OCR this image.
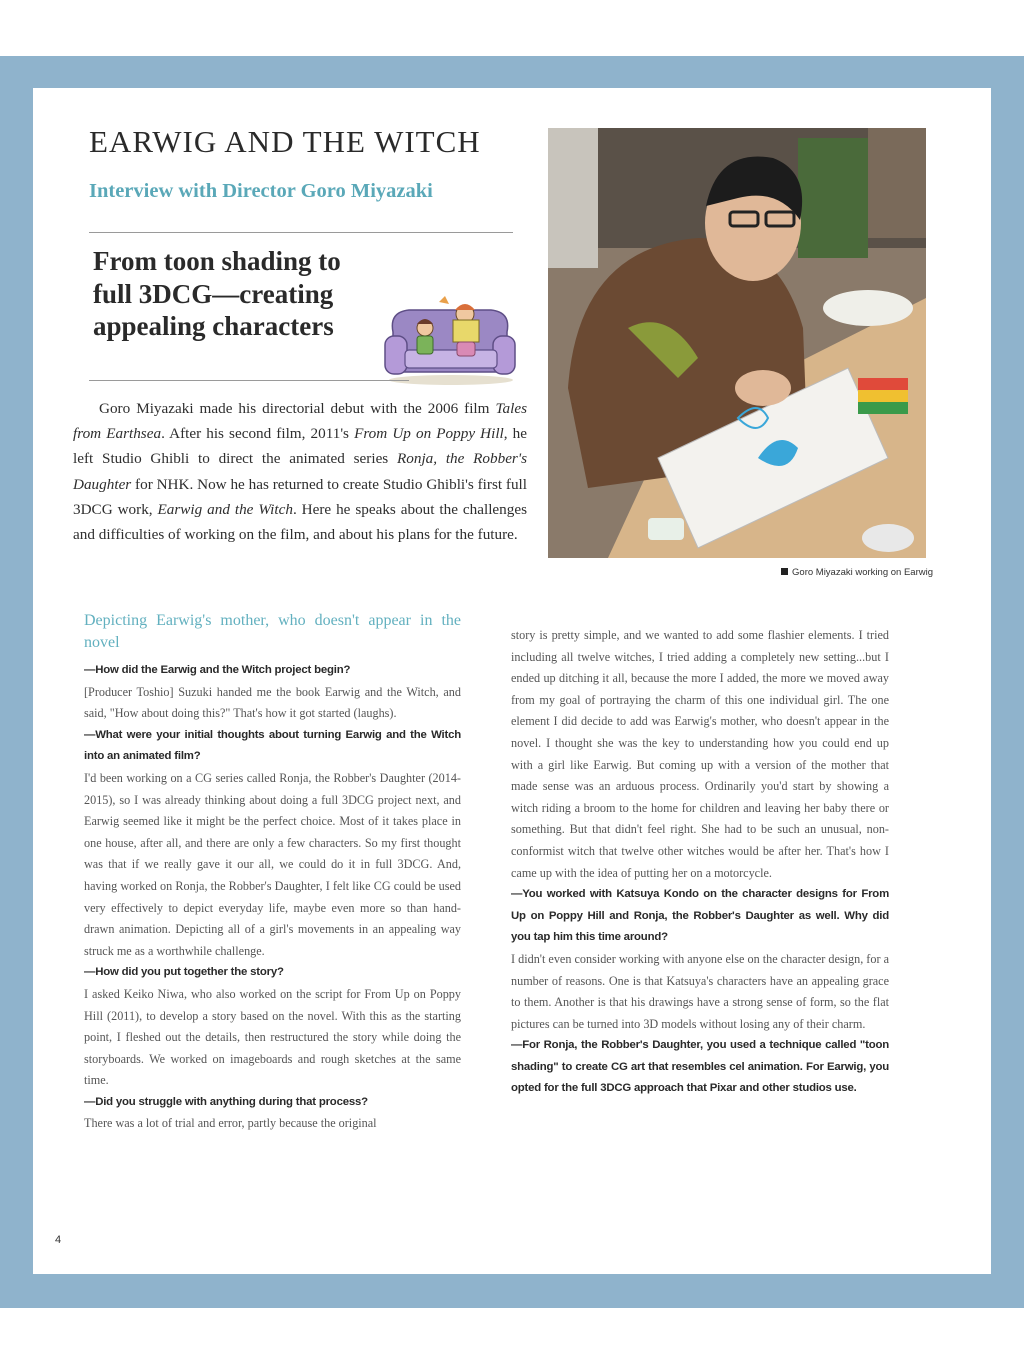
EARWIG AND THE WITCH
Interview with Director Goro Miyazaki
From toon shading to full 3DCG—creating appealing characters
Goro Miyazaki made his directorial debut with the 2006 film Tales from Earthsea. After his second film, 2011's From Up on Poppy Hill, he left Studio Ghibli to direct the animated series Ronja, the Robber's Daughter for NHK. Now he has returned to create Studio Ghibli's first full 3DCG work, Earwig and the Witch. Here he speaks about the challenges and difficulties of working on the film, and about his plans for the future.
Goro Miyazaki working on Earwig

Depicting Earwig's mother, who doesn't appear in the novel

—How did the Earwig and the Witch project begin?

[Producer Toshio] Suzuki handed me the book Earwig and the Witch, and said, "How about doing this?" That's how it got started (laughs).

—What were your initial thoughts about turning Earwig and the Witch into an animated film?

I'd been working on a CG series called Ronja, the Robber's Daughter (2014-2015), so I was already thinking about doing a full 3DCG project next, and Earwig seemed like it might be the perfect choice. Most of it takes place in one house, after all, and there are only a few characters. So my first thought was that if we really gave it our all, we could do it in full 3DCG. And, having worked on Ronja, the Robber's Daughter, I felt like CG could be used very effectively to depict everyday life, maybe even more so than hand-drawn animation. Depicting all of a girl's movements in an appealing way struck me as a worthwhile challenge.

—How did you put together the story?

I asked Keiko Niwa, who also worked on the script for From Up on Poppy Hill (2011), to develop a story based on the novel. With this as the starting point, I fleshed out the details, then restructured the story while doing the storyboards. We worked on imageboards and rough sketches at the same time.

—Did you struggle with anything during that process?

There was a lot of trial and error, partly because the original

story is pretty simple, and we wanted to add some flashier elements. I tried including all twelve witches, I tried adding a completely new setting...but I ended up ditching it all, because the more I added, the more we moved away from my goal of portraying the charm of this one individual girl. The one element I did decide to add was Earwig's mother, who doesn't appear in the novel. I thought she was the key to understanding how you could end up with a girl like Earwig. But coming up with a version of the mother that made sense was an arduous process. Ordinarily you'd start by showing a witch riding a broom to the home for children and leaving her baby there or something. But that didn't feel right. She had to be such an unusual, non-conformist witch that twelve other witches would be after her. That's how I came up with the idea of putting her on a motorcycle.

—You worked with Katsuya Kondo on the character designs for From Up on Poppy Hill and Ronja, the Robber's Daughter as well. Why did you tap him this time around?

I didn't even consider working with anyone else on the character design, for a number of reasons. One is that Katsuya's characters have an appealing grace to them. Another is that his drawings have a strong sense of form, so the flat pictures can be turned into 3D models without losing any of their charm.

—For Ronja, the Robber's Daughter, you used a technique called "toon shading" to create CG art that resembles cel animation. For Earwig, you opted for the full 3DCG approach that Pixar and other studios use.

4
